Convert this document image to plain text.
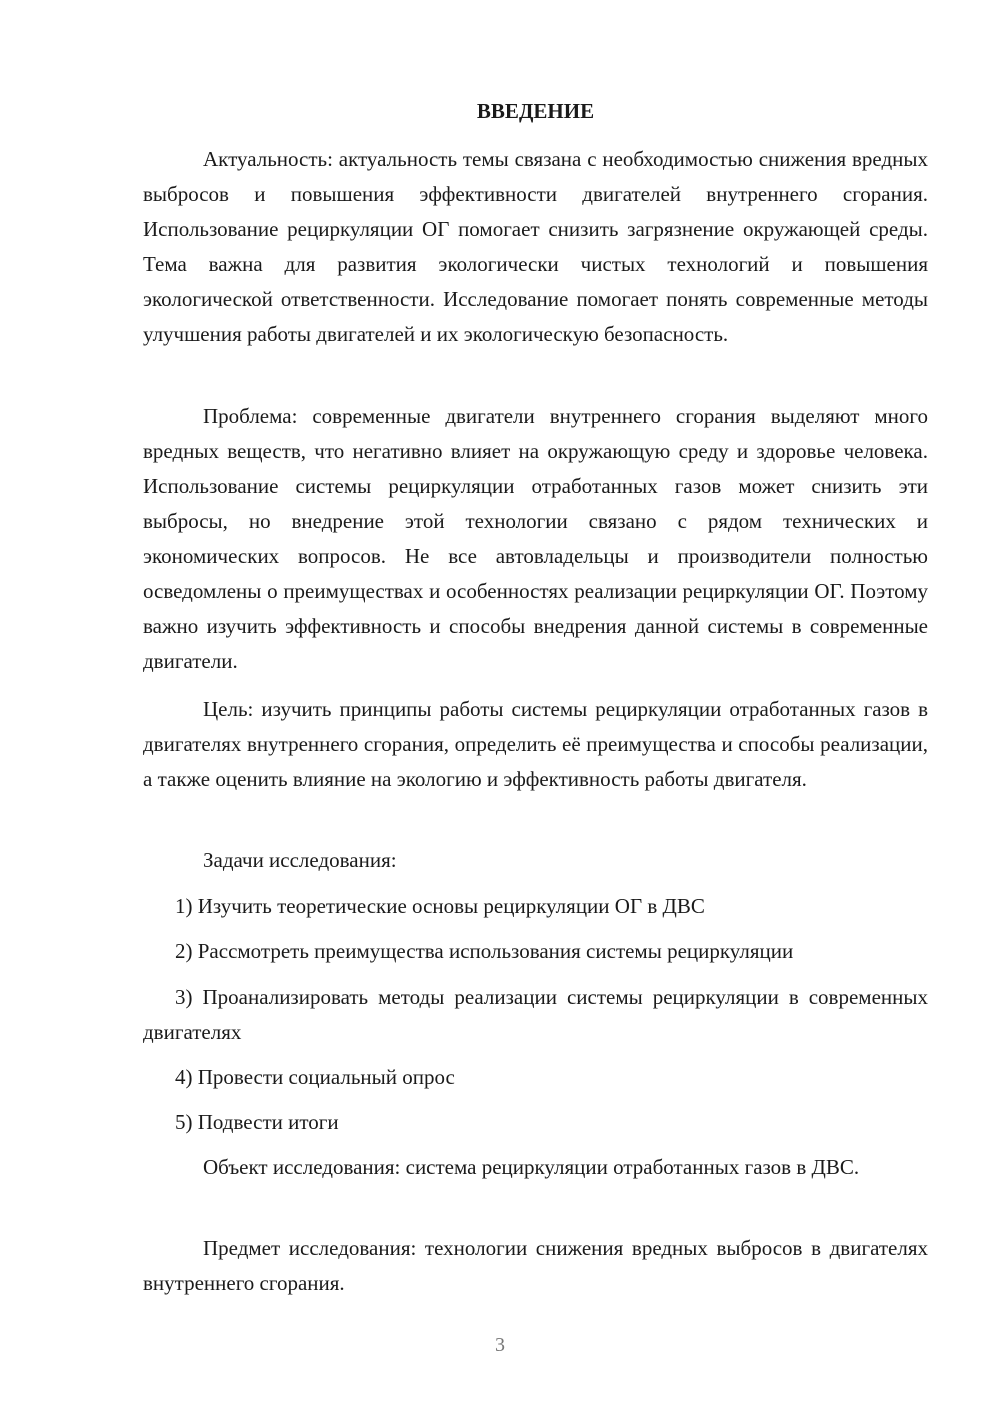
ВВЕДЕНИЕ

Актуальность: актуальность темы связана с необходимостью снижения вредных выбросов и повышения эффективности двигателей внутреннего сгорания. Использование рециркуляции ОГ помогает снизить загрязнение окружающей среды. Тема важна для развития экологически чистых технологий и повышения экологической ответственности. Исследование помогает понять современные методы улучшения работы двигателей и их экологическую безопасность.

Проблема: современные двигатели внутреннего сгорания выделяют много вредных веществ, что негативно влияет на окружающую среду и здоровье человека. Использование системы рециркуляции отработанных газов может снизить эти выбросы, но внедрение этой технологии связано с рядом технических и экономических вопросов. Не все автовладельцы и производители полностью осведомлены о преимуществах и особенностях реализации рециркуляции ОГ. Поэтому важно изучить эффективность и способы внедрения данной системы в современные двигатели.

Цель: изучить принципы работы системы рециркуляции отработанных газов в двигателях внутреннего сгорания, определить её преимущества и способы реализации, а также оценить влияние на экологию и эффективность работы двигателя.

Задачи исследования:

1) Изучить теоретические основы рециркуляции ОГ в ДВС

2) Рассмотреть преимущества использования системы рециркуляции

3) Проанализировать методы реализации системы рециркуляции в современных двигателях

4) Провести социальный опрос

5) Подвести итоги

Объект исследования: система рециркуляции отработанных газов в ДВС.

Предмет исследования: технологии снижения вредных выбросов в двигателях внутреннего сгорания.

3
